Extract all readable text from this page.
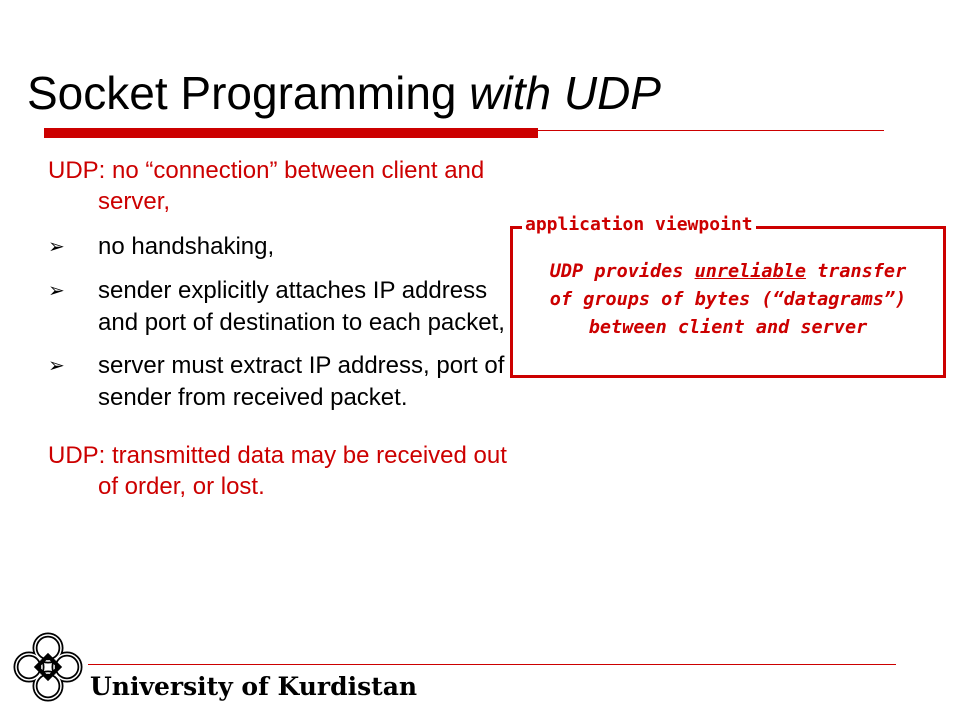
Socket Programming with UDP

UDP: no “connection” between client and server,

➢ no handshaking,
➢ sender explicitly attaches IP address and port of destination to each packet,
➢ server must extract IP address, port of sender from received packet.

UDP: transmitted data may be received out of order, or lost.

application viewpoint

UDP provides unreliable transfer
of groups of bytes (“datagrams”)
between client and server

University of Kurdistan
